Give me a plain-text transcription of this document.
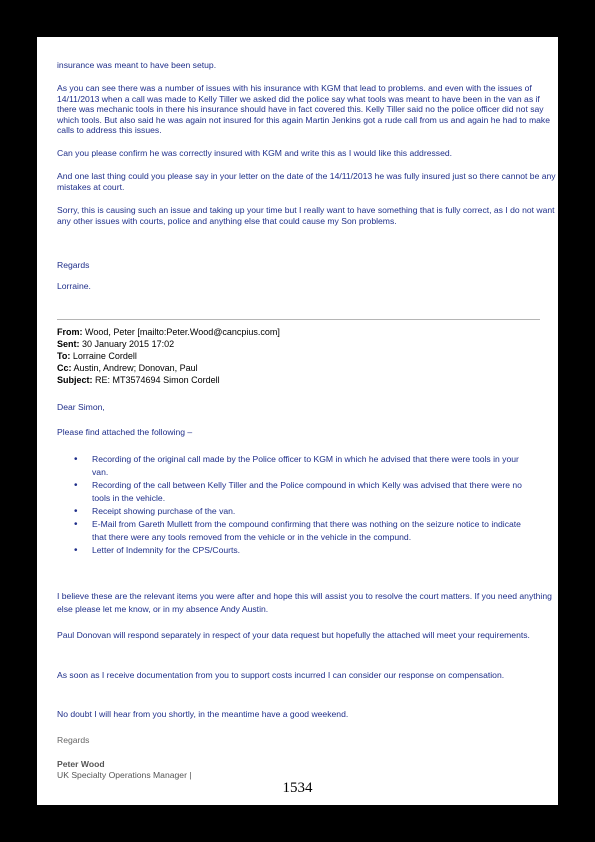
insurance was meant to have been setup.

As you can see there was a number of issues with his insurance with KGM that lead to problems. and even with the issues of 14/11/2013 when a call was made to Kelly Tiller we asked did the police say what tools was meant to have been in the van as if there was mechanic tools in there his insurance should have in fact covered this. Kelly Tiller said no the police officer did not say which tools. But also said he was again not insured for this again Martin Jenkins got a rude call from us and again he had to make calls to address this issues.

Can you please confirm he was correctly insured with KGM and write this as I would like this addressed.

And one last thing could you please say in your letter on the date of the 14/11/2013 he was fully insured just so there cannot be any mistakes at court.

Sorry, this is causing such an issue and taking up your time but I really want to have something that is fully correct, as I do not want any other issues with courts, police and anything else that could cause my Son problems.

Regards

Lorraine.

From: Wood, Peter [mailto:Peter.Wood@cancpius.com]
Sent: 30 January 2015 17:02
To: Lorraine Cordell
Cc: Austin, Andrew; Donovan, Paul
Subject: RE: MT3574694 Simon Cordell

Dear Simon,

Please find attached the following –

• Recording of the original call made by the Police officer to KGM in which he advised that there were tools in your van.
• Recording of the call between Kelly Tiller and the Police compound in which Kelly was advised that there were no tools in the vehicle.
• Receipt showing purchase of the van.
• E-Mail from Gareth Mullett from the compound confirming that there was nothing on the seizure notice to indicate that there were any tools removed from the vehicle or in the vehicle in the compund.
• Letter of Indemnity for the CPS/Courts.

I believe these are the relevant items you were after and hope this will assist you to resolve the court matters. If you need anything else please let me know, or in my absence Andy Austin.

Paul Donovan will respond separately in respect of your data request but hopefully the attached will meet your requirements.

As soon as I receive documentation from you to support costs incurred I can consider our response on compensation.

No doubt I will hear from you shortly, in the meantime have a good weekend.

Regards

Peter Wood

UK Specialty Operations Manager |

1534
